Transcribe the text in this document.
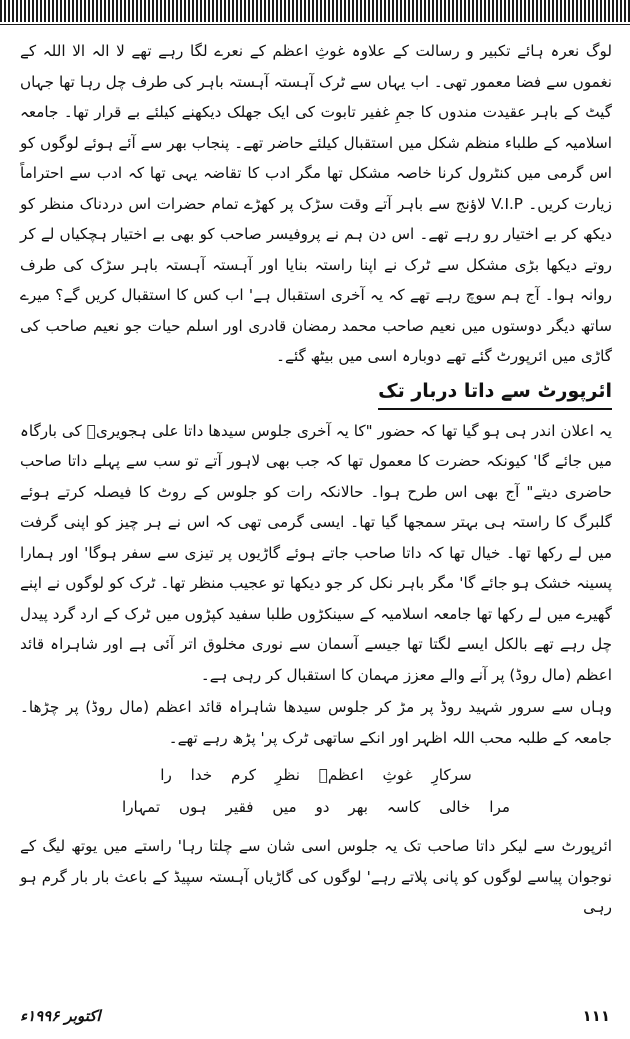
لوگ نعرہ ہائے تکبیر و رسالت کے علاوہ غوثِ اعظم کے نعرے لگا رہے تھے لا الہ الا اللہ کے نغموں سے فضا معمور تھی۔ اب یہاں سے ٹرک آہستہ آہستہ باہر کی طرف چل رہا تھا جہاں گیٹ کے باہر عقیدت مندوں کا جمِ غفیر تابوت کی ایک جھلک دیکھنے کیلئے بے قرار تھا۔ جامعہ اسلامیہ کے طلباء منظم شکل میں استقبال کیلئے حاضر تھے۔ پنجاب بھر سے آئے ہوئے لوگوں کو اس گرمی میں کنٹرول کرنا خاصہ مشکل تھا مگر ادب کا تقاضہ یہی تھا کہ ادب سے احتراماً زیارت کریں۔ V.I.P لاؤنج سے باہر آتے وقت سڑک پر کھڑے تمام حضرات اس دردناک منظر کو دیکھ کر بے اختیار رو رہے تھے۔ اس دن ہم نے پروفیسر صاحب کو بھی بے اختیار ہچکیاں لے کر روتے دیکھا بڑی مشکل سے ٹرک نے اپنا راستہ بنایا اور آہستہ آہستہ باہر سڑک کی طرف روانہ ہوا۔ آج ہم سوچ رہے تھے کہ یہ آخری استقبال ہے' اب کس کا استقبال کریں گے؟ میرے ساتھ دیگر دوستوں میں نعیم صاحب محمد رمضان قادری اور اسلم حیات جو نعیم صاحب کی گاڑی میں ائرپورٹ گئے تھے دوبارہ اسی میں بیٹھ گئے۔

ائرپورٹ سے داتا دربار تک

یہ اعلان اندر ہی ہو گیا تھا کہ حضور "کا یہ آخری جلوس سیدھا داتا علی ہجویریؒ کی بارگاہ میں جائے گا' کیونکہ حضرت کا معمول تھا کہ جب بھی لاہور آتے تو سب سے پہلے داتا صاحب حاضری دیتے" آج بھی اس طرح ہوا۔ حالانکہ رات کو جلوس کے روٹ کا فیصلہ کرتے ہوئے گلبرگ کا راستہ ہی بہتر سمجھا گیا تھا۔ ایسی گرمی تھی کہ اس نے ہر چیز کو اپنی گرفت میں لے رکھا تھا۔ خیال تھا کہ داتا صاحب جاتے ہوئے گاڑیوں پر تیزی سے سفر ہوگا' اور ہمارا پسینہ خشک ہو جائے گا' مگر باہر نکل کر جو دیکھا تو عجیب منظر تھا۔ ٹرک کو لوگوں نے اپنے گھیرے میں لے رکھا تھا جامعہ اسلامیہ کے سینکڑوں طلبا سفید کپڑوں میں ٹرک کے ارد گرد پیدل چل رہے تھے بالکل ایسے لگتا تھا جیسے آسمان سے نوری مخلوق اتر آئی ہے اور شاہراہ قائد اعظم (مال روڈ) پر آنے والے معزز مہمان کا استقبال کر رہی ہے۔

وہاں سے سرور شہید روڈ پر مڑ کر جلوس سیدھا شاہراہ قائد اعظم (مال روڈ) پر چڑھا۔ جامعہ کے طلبہ محب اللہ اظہر اور انکے ساتھی ٹرک پر' پڑھ رہے تھے۔

سرکارِ غوثِ اعظمؒ نظرِ کرم خدا را
مرا خالی کاسہ بھر دو میں فقیر ہوں تمہارا

ائرپورٹ سے لیکر داتا صاحب تک یہ جلوس اسی شان سے چلتا رہا' راستے میں یوتھ لیگ کے نوجوان پیاسے لوگوں کو پانی پلاتے رہے' لوگوں کی گاڑیاں آہستہ سپیڈ کے باعث بار بار گرم ہو رہی

اکتوبر ۱۹۹۶ء	۱۱۱
